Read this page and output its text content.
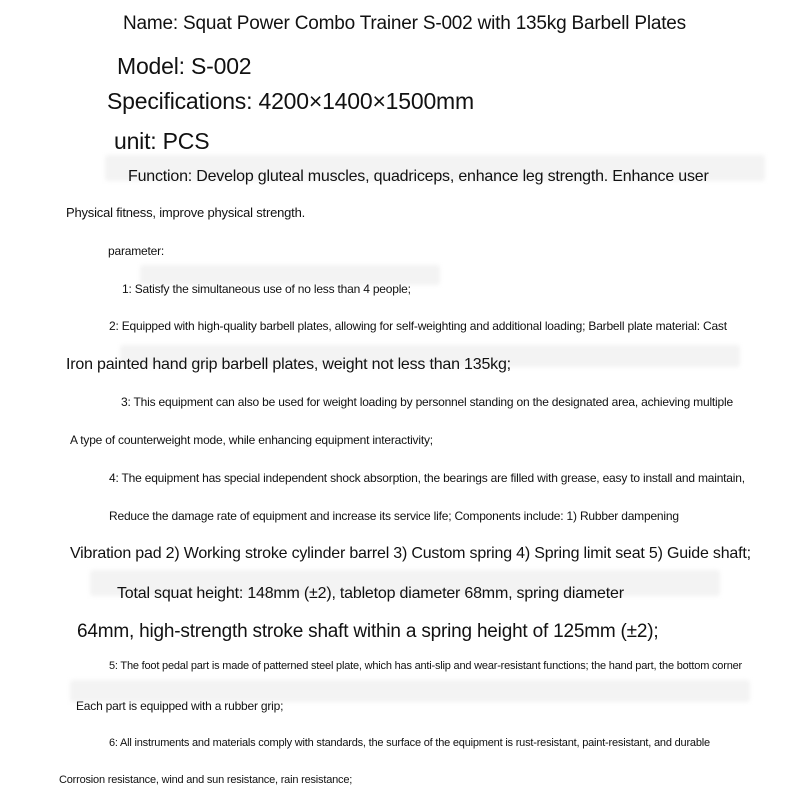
Name: Squat Power Combo Trainer S-002 with 135kg Barbell Plates
Model: S-002
Specifications: 4200×1400×1500mm
unit: PCS
Function: Develop gluteal muscles, quadriceps, enhance leg strength. Enhance user
Physical fitness, improve physical strength.
parameter:
1: Satisfy the simultaneous use of no less than 4 people;
2: Equipped with high-quality barbell plates, allowing for self-weighting and additional loading; Barbell plate material: Cast
Iron painted hand grip barbell plates, weight not less than 135kg;
3: This equipment can also be used for weight loading by personnel standing on the designated area, achieving multiple
A type of counterweight mode, while enhancing equipment interactivity;
4: The equipment has special independent shock absorption, the bearings are filled with grease, easy to install and maintain,
Reduce the damage rate of equipment and increase its service life; Components include: 1) Rubber dampening
Vibration pad 2) Working stroke cylinder barrel 3) Custom spring 4) Spring limit seat 5) Guide shaft;
Total squat height: 148mm (±2), tabletop diameter 68mm, spring diameter
64mm, high-strength stroke shaft within a spring height of 125mm (±2);
5: The foot pedal part is made of patterned steel plate, which has anti-slip and wear-resistant functions; the hand part, the bottom corner
Each part is equipped with a rubber grip;
6: All instruments and materials comply with standards, the surface of the equipment is rust-resistant, paint-resistant, and durable
Corrosion resistance, wind and sun resistance, rain resistance;
